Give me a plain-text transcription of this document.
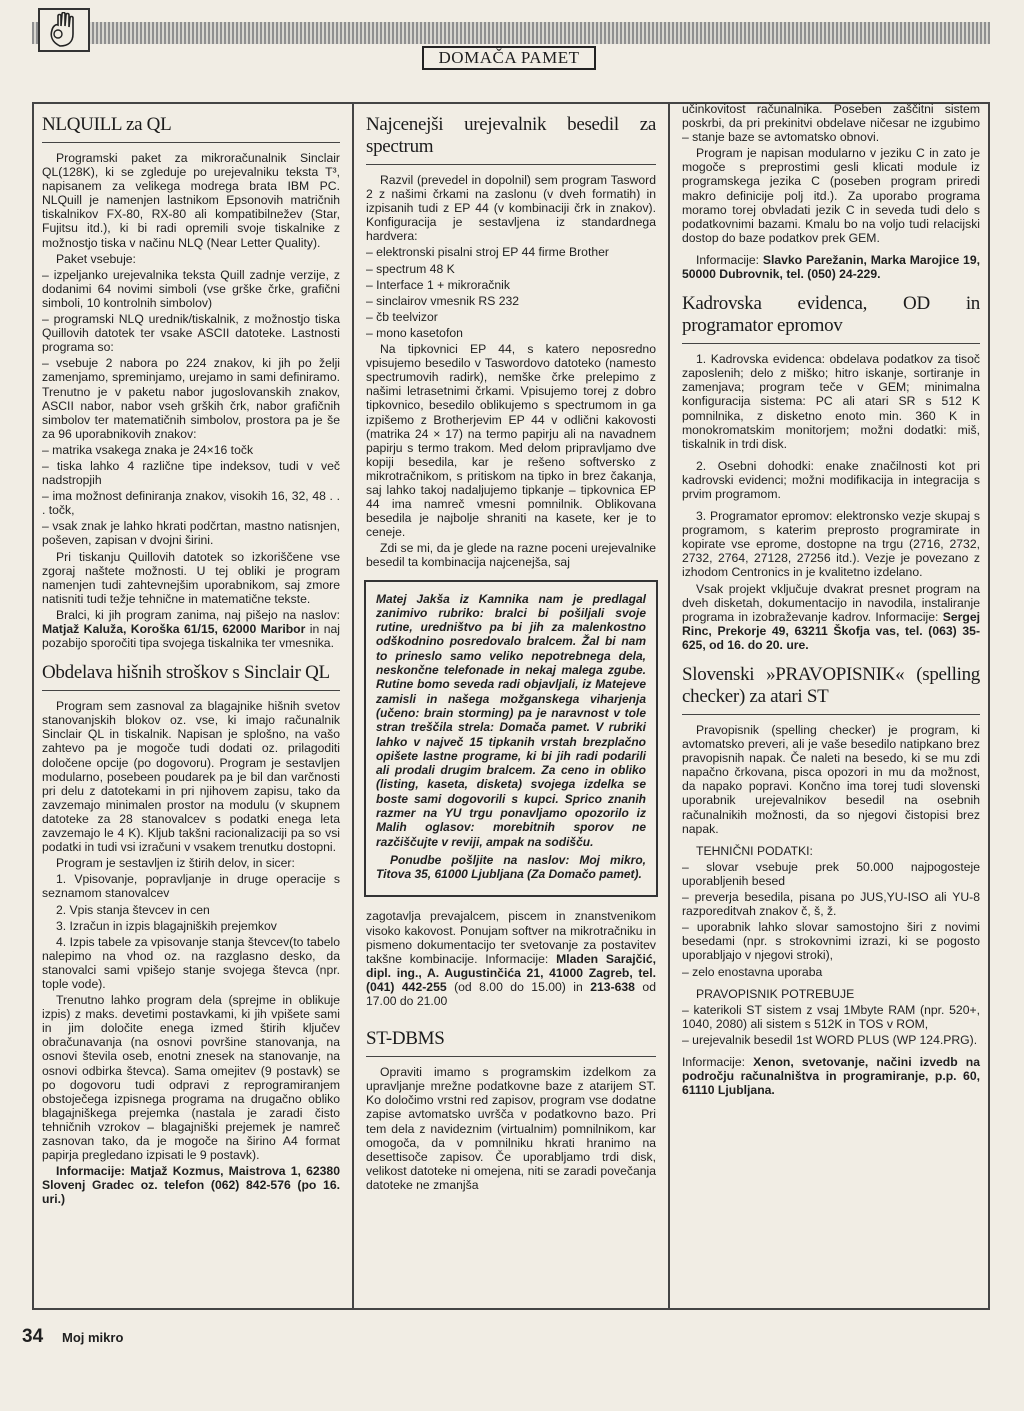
DOMAČA PAMET
NLQUILL za QL

Programski paket za mikroračunalnik Sinclair QL(128K), ki se zgleduje po urejevalniku teksta T³, napisanem za velikega modrega brata IBM PC. NLQuill je namenjen lastnikom Epsonovih matričnih tiskalnikov FX-80, RX-80 ali kompatibilnežev (Star, Fujitsu itd.), ki bi radi opremili svoje tiskalnike z možnostjo tiska v načinu NLQ (Near Letter Quality).

Paket vsebuje:

– izpeljanko urejevalnika teksta Quill zadnje verzije, z dodanimi 64 novimi simboli (vse grške črke, grafični simboli, 10 kontrolnih simbolov)

– programski NLQ urednik/tiskalnik, z možnostjo tiska Quillovih datotek ter vsake ASCII datoteke. Lastnosti programa so:

– vsebuje 2 nabora po 224 znakov, ki jih po želji zamenjamo, spreminjamo, urejamo in sami definiramo. Trenutno je v paketu nabor jugoslovanskih znakov, ASCII nabor, nabor vseh grških črk, nabor grafičnih simbolov ter matematičnih simbolov, prostora pa je še za 96 uporabnikovih znakov:

– matrika vsakega znaka je 24×16 točk

– tiska lahko 4 različne tipe indeksov, tudi v več nadstropjih

– ima možnost definiranja znakov, visokih 16, 32, 48 . . . točk,

– vsak znak je lahko hkrati podčrtan, mastno natisnjen, poševen, zapisan v dvojni širini.

Pri tiskanju Quillovih datotek so izkoriščene vse zgoraj naštete možnosti. U tej obliki je program namenjen tudi zahtevnejšim uporabnikom, saj zmore natisniti tudi težje tehnične in matematične tekste.

Bralci, ki jih program zanima, naj pišejo na naslov: Matjaž Kaluža, Koroška 61/15, 62000 Maribor in naj pozabijo sporočiti tipa svojega tiskalnika ter vmesnika.

Obdelava hišnih stroškov s Sinclair QL

Program sem zasnoval za blagajnike hišnih svetov stanovanjskih blokov oz. vse, ki imajo računalnik Sinclair QL in tiskalnik. Napisan je splošno, na vašo zahtevo pa je mogoče tudi dodati oz. prilagoditi določene opcije (po dogovoru). Program je sestavljen modularno, posebeen poudarek pa je bil dan varčnosti pri delu z datotekami in pri njihovem zapisu, tako da zavzemajo minimalen prostor na modulu (v skupnem datoteke za 28 stanovalcev s podatki enega leta zavzemajo le 4 K). Kljub takšni racionalizaciji pa so vsi podatki in tudi vsi izračuni v vsakem trenutku dostopni.

Program je sestavljen iz štirih delov, in sicer:

1. Vpisovanje, popravljanje in druge operacije s seznamom stanovalcev

2. Vpis stanja števcev in cen

3. Izračun in izpis blagajniških prejemkov

4. Izpis tabele za vpisovanje stanja števcev(to tabelo nalepimo na vhod oz. na razglasno desko, da stanovalci sami vpišejo stanje svojega števca (npr. tople vode).

Trenutno lahko program dela (sprejme in oblikuje izpis) z maks. devetimi postavkami, ki jih vpišete sami in jim določite enega izmed štirih ključev obračunavanja (na osnovi površine stanovanja, na osnovi števila oseb, enotni znesek na stanovanje, na osnovi odbirka števca). Sama omejitev (9 postavk) se po dogovoru tudi odpravi z reprogramiranjem obstoječega izpisnega programa na drugačno obliko blagajniškega prejemka (nastala je zaradi čisto tehničnih vzrokov – blagajniški prejemek je namreč zasnovan tako, da je mogoče na širino A4 format papirja pregledano izpisati le 9 postavk).

Informacije: Matjaž Kozmus, Maistrova 1, 62380 Slovenj Gradec oz. telefon (062) 842-576 (po 16. uri.)

Najcenejši urejevalnik besedil za spectrum

Razvil (prevedel in dopolnil) sem program Tasword 2 z našimi črkami na zaslonu (v dveh formatih) in izpisanih tudi z EP 44 (v kombinaciji črk in znakov). Konfiguracija je sestavljena iz standardnega hardvera:

– elektronski pisalni stroj EP 44 firme Brother

– spectrum 48 K

– Interface 1 + mikroračnik

– sinclairov vmesnik RS 232

– čb teelvizor

– mono kasetofon

Na tipkovnici EP 44, s katero neposredno vpisujemo besedilo v Taswordovo datoteko (namesto spectrumovih radirk), nemške črke prelepimo z našimi letrasetnimi črkami. Vpisujemo torej z dobro tipkovnico, besedilo oblikujemo s spectrumom in ga izpišemo z Brotherjevim EP 44 v odlični kakovosti (matrika 24 × 17) na termo papirju ali na navadnem papirju s termo trakom. Med delom pripravljamo dve kopiji besedila, kar je rešeno softversko z mikrotračnikom, s pritiskom na tipko in brez čakanja, saj lahko takoj nadaljujemo tipkanje – tipkovnica EP 44 ima namreč vmesni pomnilnik. Oblikovana besedila je najbolje shraniti na kasete, ker je to ceneje.

Zdi se mi, da je glede na razne poceni urejevalnike besedil ta kombinacija najcenejša, saj

Matej Jakša iz Kamnika nam je predlagal zanimivo rubriko: bralci bi pošiljali svoje rutine, uredništvo pa bi jih za malenkostno odškodnino posredovalo bralcem. Žal bi nam to prineslo samo veliko nepotrebnega dela, neskončne telefonade in nekaj malega zgube. Rutine bomo seveda radi objavljali, iz Matejeve zamisli in našega možganskega viharjenja (učeno: brain storming) pa je naravnost v tole stran treščila strela: Domača pamet. V rubriki lahko v največ 15 tipkanih vrstah brezplačno opišete lastne programe, ki bi jih radi podarili ali prodali drugim bralcem. Za ceno in obliko (listing, kaseta, disketa) svojega izdelka se boste sami dogovorili s kupci. Sprico znanih razmer na YU trgu ponavljamo opozorilo iz Malih oglasov: morebitnih sporov ne razčiščujte v reviji, ampak na sodišču.

Ponudbe pošljite na naslov: Moj mikro, Titova 35, 61000 Ljubljana (Za Domačo pamet).

zagotavlja prevajalcem, piscem in znanstvenikom visoko kakovost. Ponujam softver na mikrotračniku in pismeno dokumentacijo ter svetovanje za postavitev takšne kombinacije. Informacije: Mladen Sarajčić, dipl. ing., A. Augustinčića 21, 41000 Zagreb, tel. (041) 442-255 (od 8.00 do 15.00) in 213-638 od 17.00 do 21.00

ST-DBMS

Opraviti imamo s programskim izdelkom za upravljanje mrežne podatkovne baze z atarijem ST. Ko določimo vrstni red zapisov, program vse dodatne zapise avtomatsko uvršča v podatkovno bazo. Pri tem dela z navideznim (virtualnim) pomnilnikom, kar omogoča, da v pomnilniku hkrati hranimo na desettisoče zapisov. Če uporabljamo trdi disk, velikost datoteke ni omejena, niti se zaradi povečanja datoteke ne zmanjša

učinkovitost računalnika. Poseben zaščitni sistem poskrbi, da pri prekinitvi obdelave ničesar ne izgubimo – stanje baze se avtomatsko obnovi.

Program je napisan modularno v jeziku C in zato je mogoče s preprostimi gesli klicati module iz programskega jezika C (poseben program priredi makro definicije polj itd.). Za uporabo programa moramo torej obvladati jezik C in seveda tudi delo s podatkovnimi bazami. Kmalu bo na voljo tudi relacijski dostop do baze podatkov prek GEM.

Informacije: Slavko Parežanin, Marka Marojice 19, 50000 Dubrovnik, tel. (050) 24-229.

Kadrovska evidenca, OD in programator epromov

1. Kadrovska evidenca: obdelava podatkov za tisoč zaposlenih; delo z miško; hitro iskanje, sortiranje in zamenjava; program teče v GEM; minimalna konfiguracija sistema: PC ali atari SR s 512 K pomnilnika, z disketno enoto min. 360 K in monokromatskim monitorjem; možni dodatki: miš, tiskalnik in trdi disk.

2. Osebni dohodki: enake značilnosti kot pri kadrovski evidenci; možni modifikacija in integracija s prvim programom.

3. Programator epromov: elektronsko vezje skupaj s programom, s katerim preprosto programirate in kopirate vse eprome, dostopne na trgu (2716, 2732, 2732, 2764, 27128, 27256 itd.). Vezje je povezano z izhodom Centronics in je kvalitetno izdelano.

Vsak projekt vključuje dvakrat presnet program na dveh disketah, dokumentacijo in navodila, instaliranje programa in izobraževanje kadrov. Informacije: Sergej Rinc, Prekorje 49, 63211 Škofja vas, tel. (063) 35-625, od 16. do 20. ure.

Slovenski »PRAVOPISNIK« (spelling checker) za atari ST

Pravopisnik (spelling checker) je program, ki avtomatsko preveri, ali je vaše besedilo natipkano brez pravopisnih napak. Če naleti na besedo, ki se mu zdi napačno črkovana, pisca opozori in mu da možnost, da napako popravi. Končno ima torej tudi slovenski uporabnik urejevalnikov besedil na osebnih računalnikih možnosti, da so njegovi čistopisi brez napak.

TEHNIČNI PODATKI:

– slovar vsebuje prek 50.000 najpogosteje uporabljenih besed

– preverja besedila, pisana po JUS,YU-ISO ali YU-8 razporeditvah znakov č, š, ž.

– uporabnik lahko slovar samostojno širi z novimi besedami (npr. s strokovnimi izrazi, ki se pogosto uporabljajo v njegovi stroki),

– zelo enostavna uporaba

PRAVOPISNIK POTREBUJE

– katerikoli ST sistem z vsaj 1Mbyte RAM (npr. 520+, 1040, 2080) ali sistem s 512K in TOS v ROM,

– urejevalnik besedil 1st WORD PLUS (WP 124.PRG).

Informacije: Xenon, svetovanje, načini izvedb na področju računalništva in programiranje, p.p. 60, 61110 Ljubljana.

34 Moj mikro
